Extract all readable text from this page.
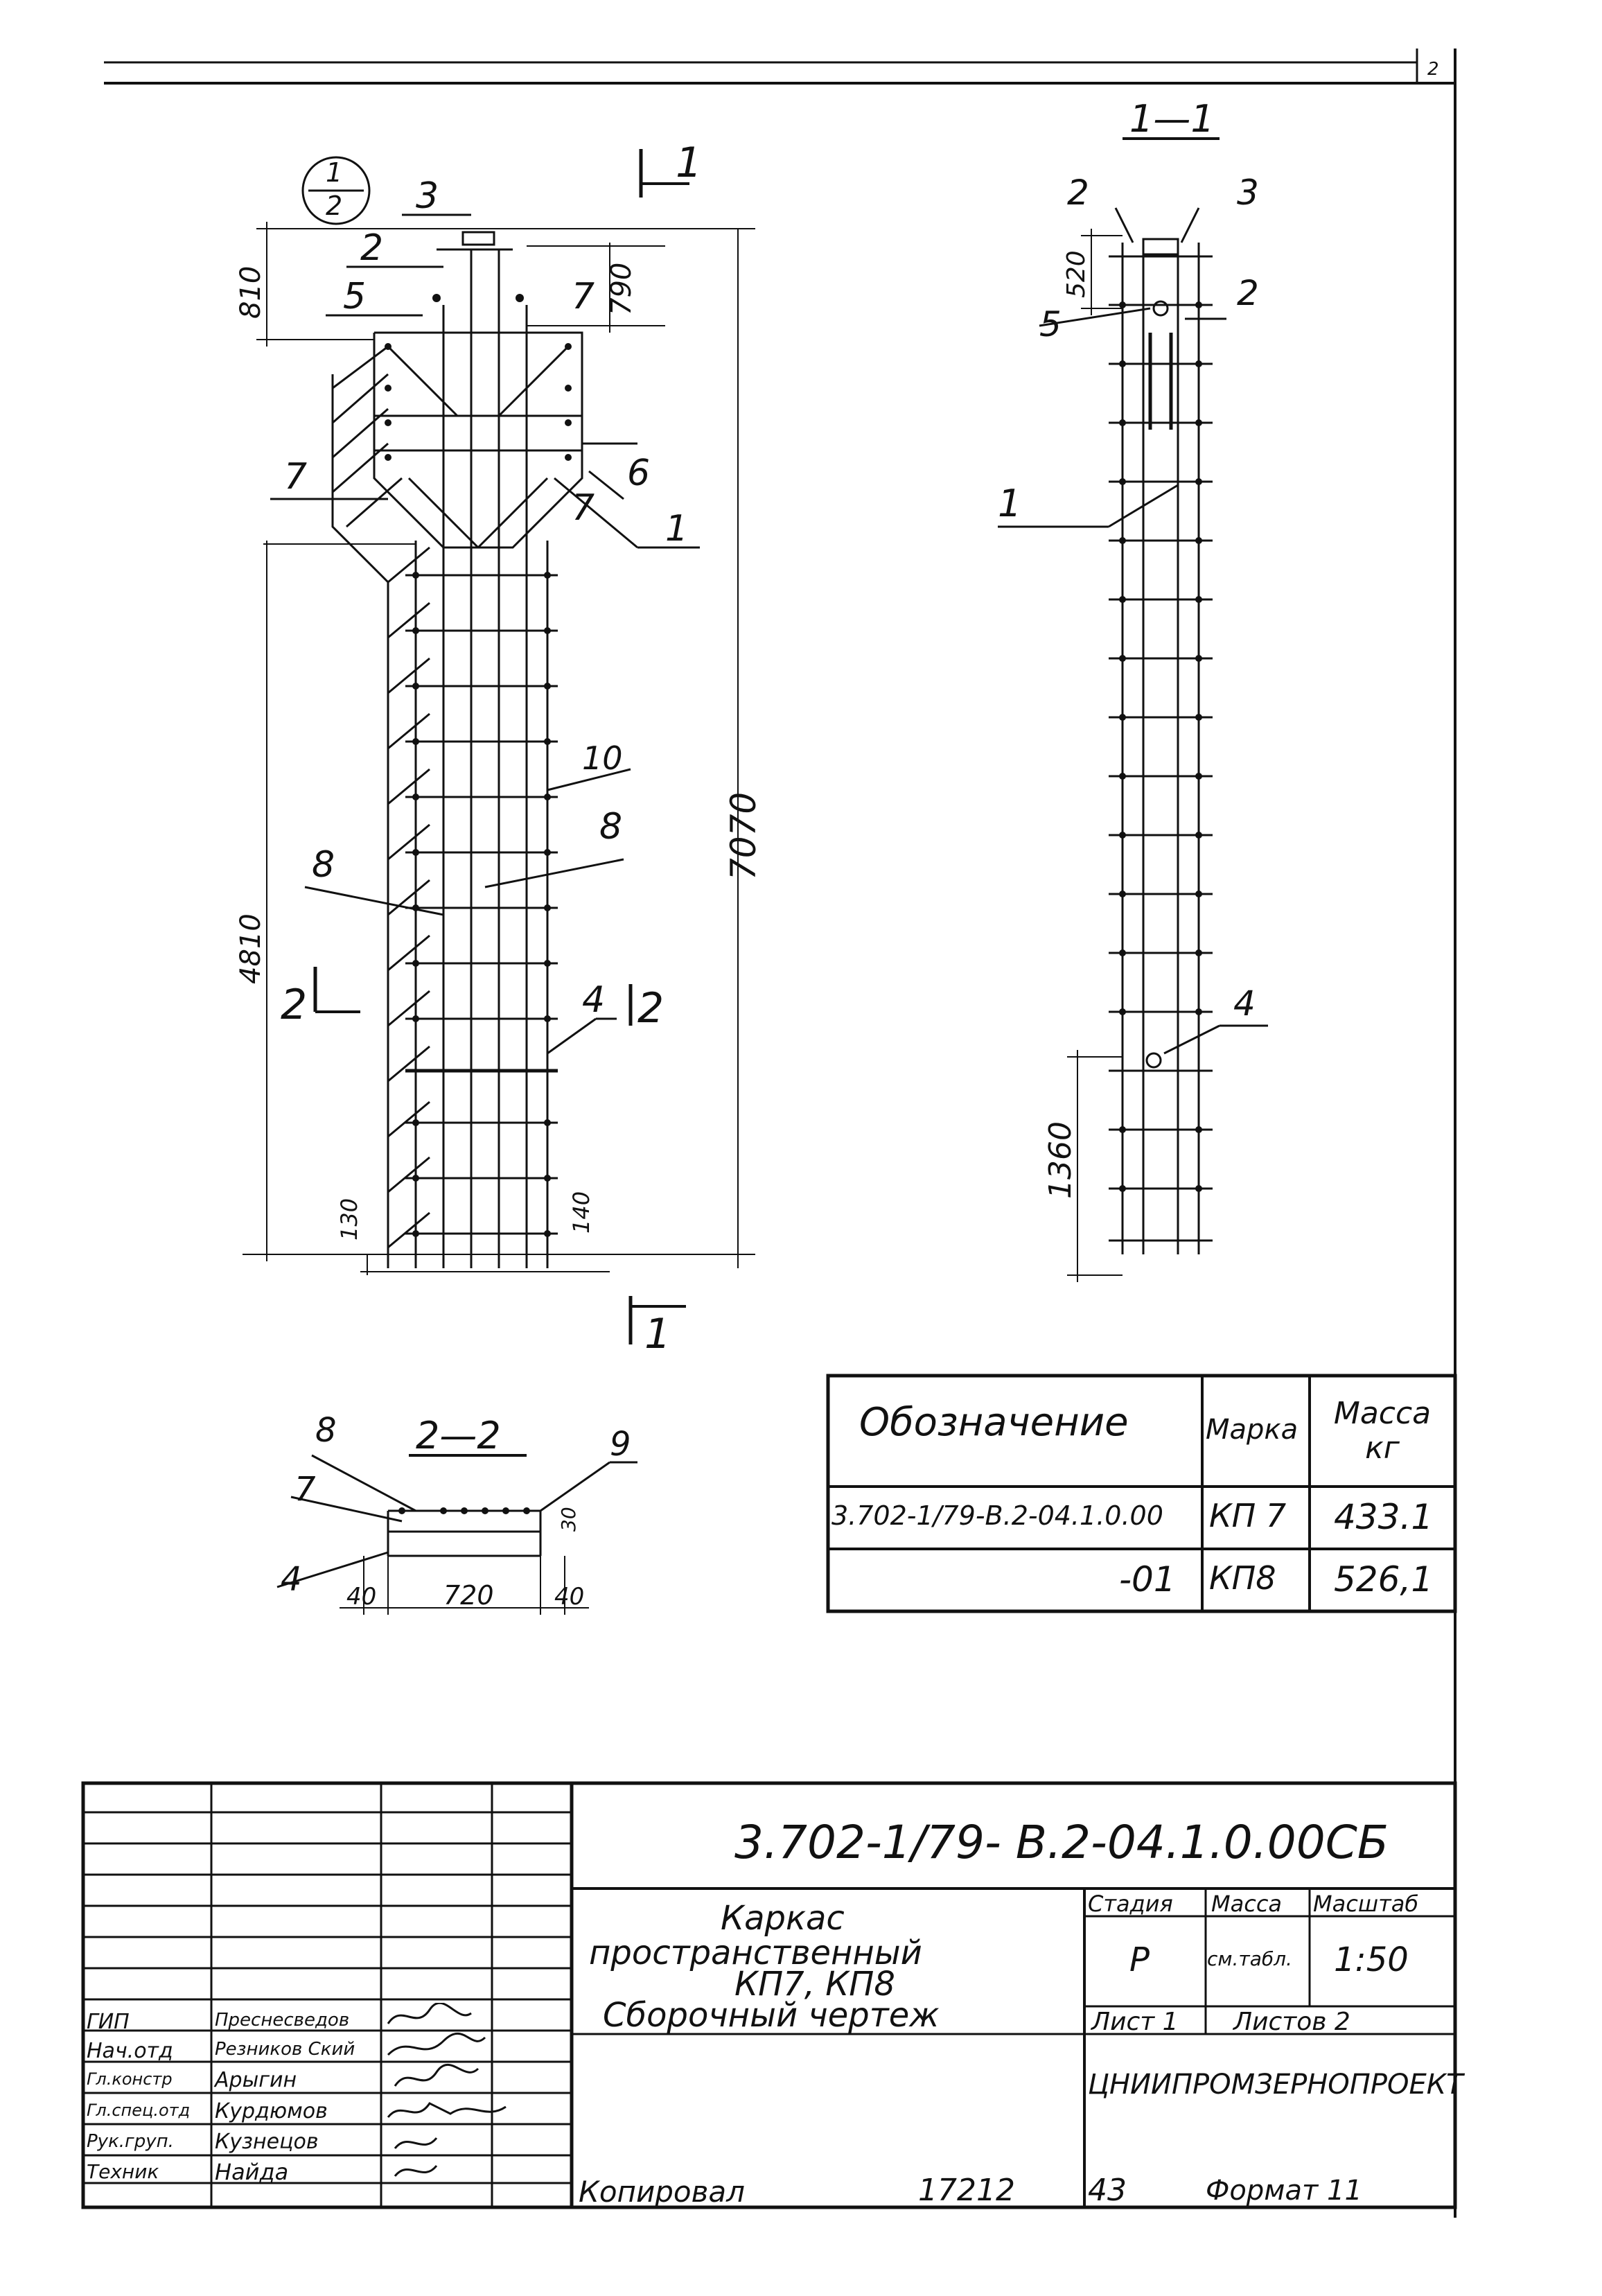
1
2
1
1
2	2
810	790
7070
4810
130	140
3
2
5	7
7	6
7 1
10
8
8
4
1—1
2	3
2
5
1
4
520
1360
2—2
8	9
7
4
30
40	720	40
2
Обозначение	Марка	Масса кг
3.702-1/79-В.2-04.1.0.00 КП 7 433.1
-01 КП8 526,1
3.702-1/79- В.2-04.1.0.00СБ
Каркас
пространственный
КП7, КП8
Сборочный чертеж
Стадия Масса Масштаб
Р	см.табл. 1:50
Лист 1 Листов 2
ЦНИИПРОМЗЕРНОПРОЕКТ
ГИП	Преснесведов
Нач.отд Резников Ский
Гл.констр Арыгин
Гл.спец.отд Курдюмов
Рук.груп. Кузнецов
Техник	Найда
Копировал	17212 43	Формат 11
